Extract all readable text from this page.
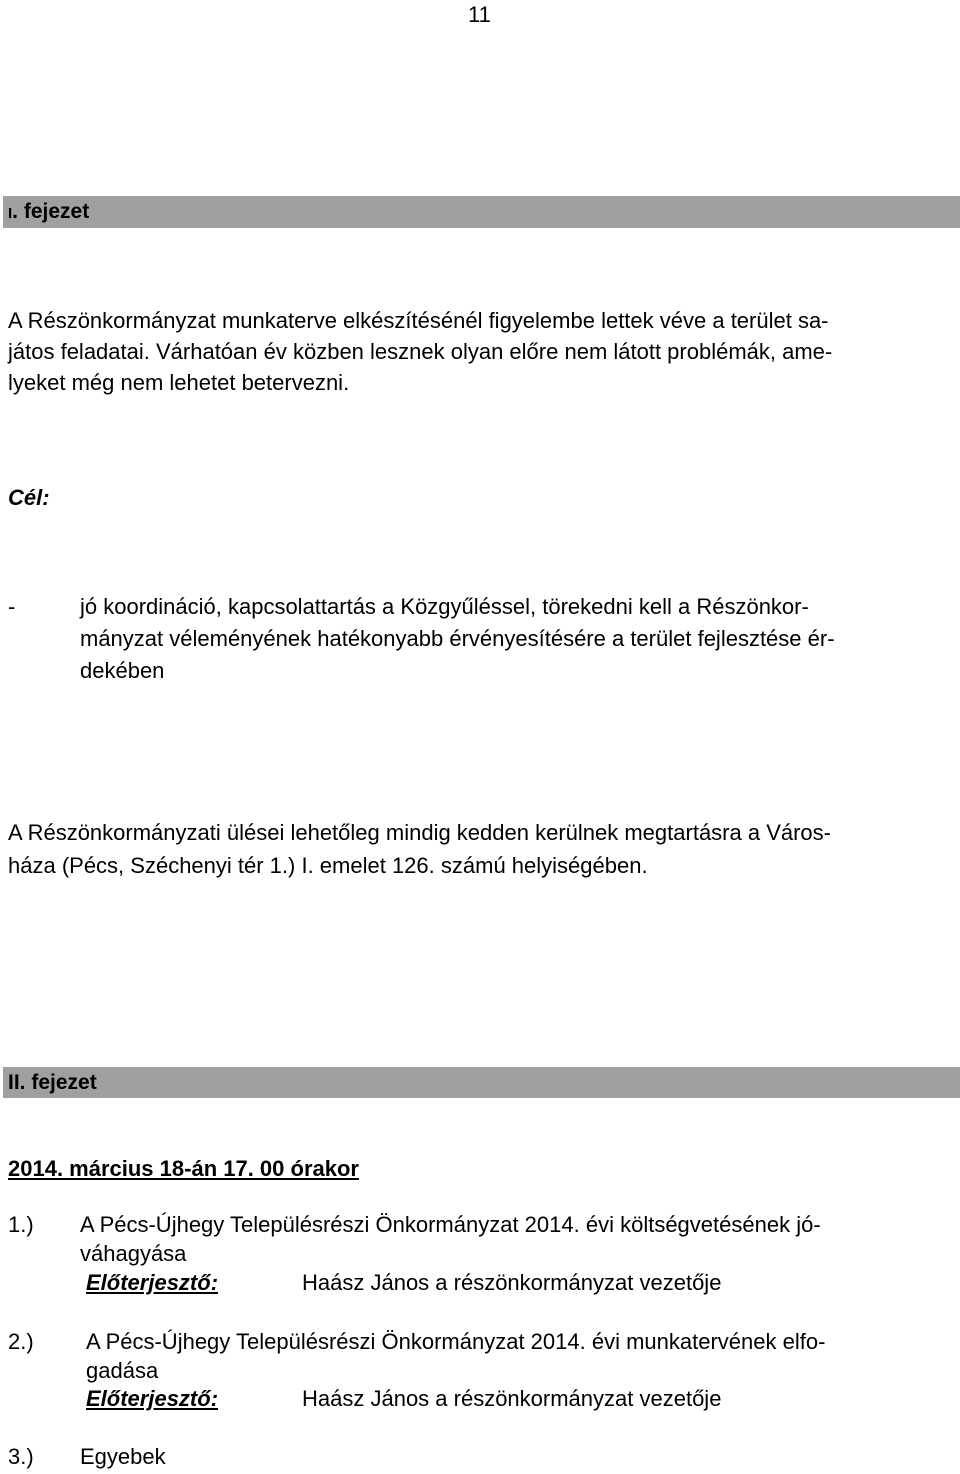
11
I. fejezet
A Részönkormányzat munkaterve elkészítésénél figyelembe lettek véve a terület sa-
játos feladatai. Várhatóan év közben lesznek olyan előre nem látott problémák, ame-
lyeket még nem lehetet betervezni.
Cél:
-	jó koordináció, kapcsolattartás a Közgyűléssel, törekedni kell a Részönkor-
mányzat véleményének hatékonyabb érvényesítésére a terület fejlesztése ér-
dekében
A Részönkormányzati ülései lehetőleg mindig kedden kerülnek megtartásra a Város-
háza (Pécs, Széchenyi tér 1.) I. emelet 126. számú helyiségében.
II. fejezet
2014. március 18-án 17. 00 órakor
1.) A Pécs-Újhegy Településrészi Önkormányzat 2014. évi költségvetésének jó-
váhagyása
Előterjesztő:	Haász János a részönkormányzat vezetője
2.) A Pécs-Újhegy Településrészi Önkormányzat 2014. évi munkatervének elfo-
gadása
Előterjesztő:	Haász János a részönkormányzat vezetője
3.) Egyebek
